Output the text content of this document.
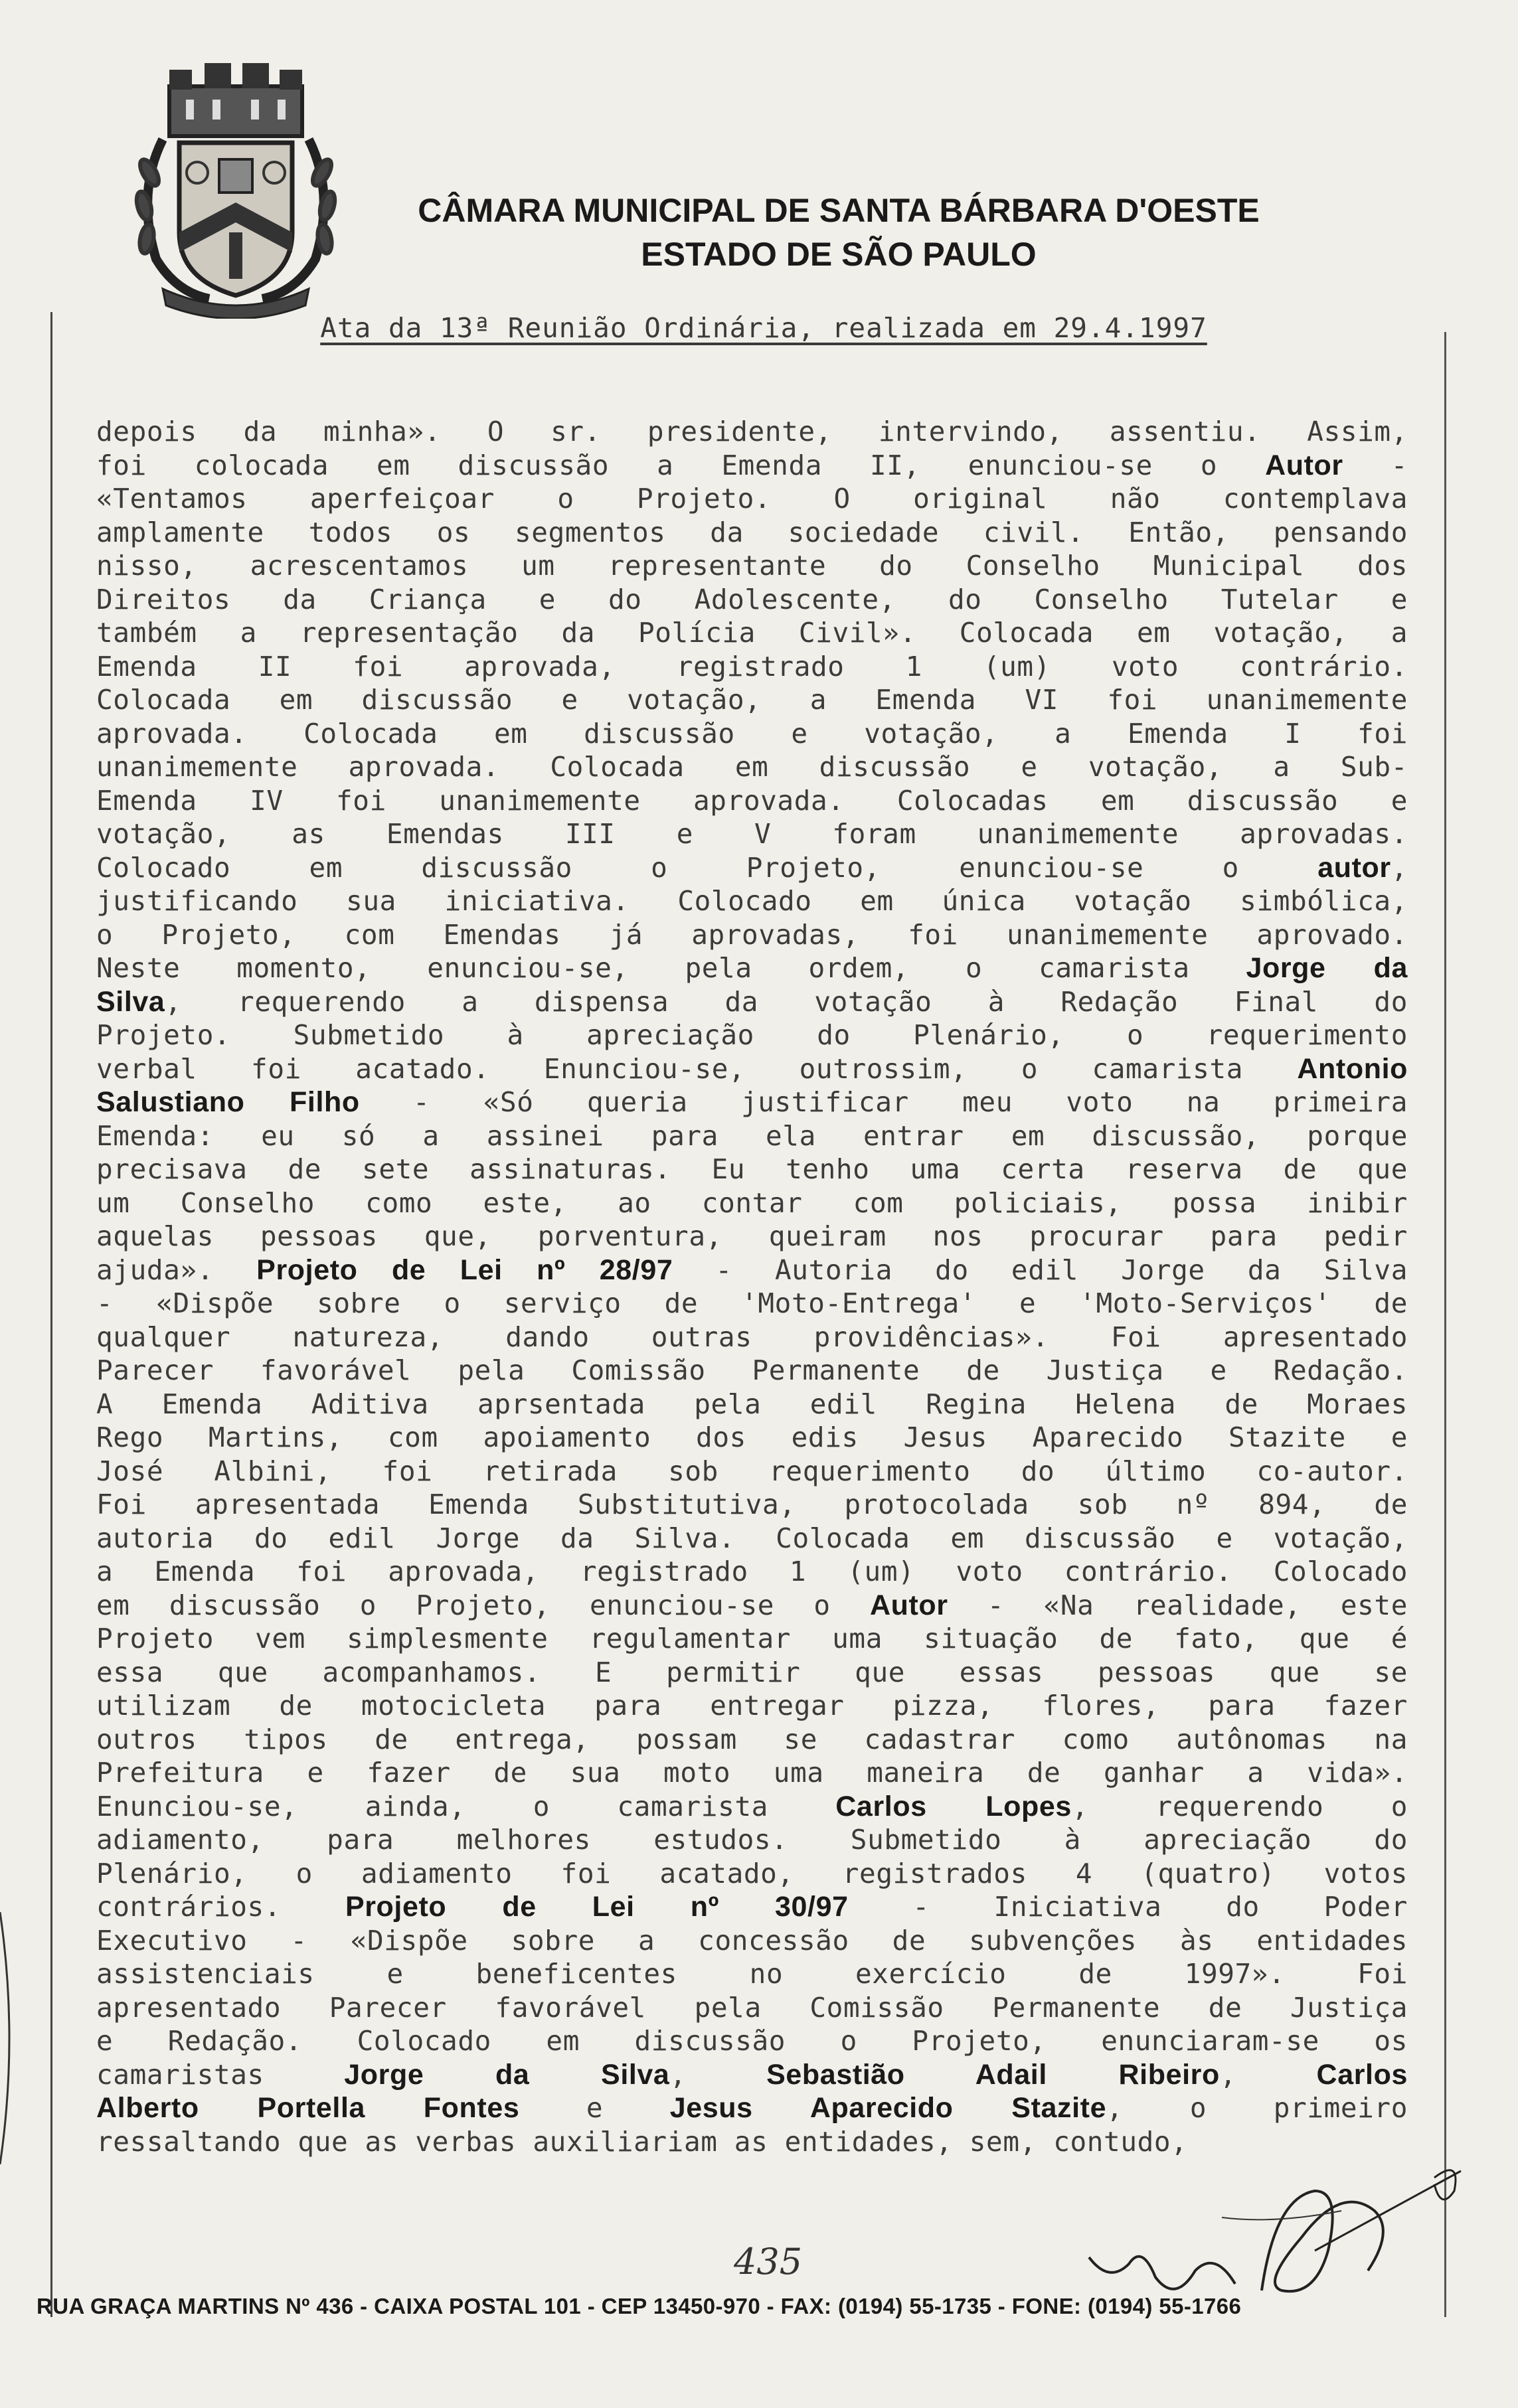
CÂMARA MUNICIPAL DE SANTA BÁRBARA D'OESTE
ESTADO DE SÃO PAULO
Ata da 13ª Reunião Ordinária, realizada em 29.4.1997

depois da minha». O sr. presidente, intervindo, assentiu. Assim,

foi colocada em discussão a Emenda II, enunciou-se o Autor -

«Tentamos aperfeiçoar o Projeto. O original não contemplava

amplamente todos os segmentos da sociedade civil. Então, pensando

nisso, acrescentamos um representante do Conselho Municipal dos

Direitos da Criança e do Adolescente, do Conselho Tutelar e

também a representação da Polícia Civil». Colocada em votação, a

Emenda II foi aprovada, registrado 1 (um) voto contrário.

Colocada em discussão e votação, a Emenda VI foi unanimemente

aprovada. Colocada em discussão e votação, a Emenda I foi

unanimemente aprovada. Colocada em discussão e votação, a Sub-

Emenda IV foi unanimemente aprovada. Colocadas em discussão e

votação, as Emendas III e V foram unanimemente aprovadas.

Colocado em discussão o Projeto, enunciou-se o autor,

justificando sua iniciativa. Colocado em única votação simbólica,

o Projeto, com Emendas já aprovadas, foi unanimemente aprovado.

Neste momento, enunciou-se, pela ordem, o camarista Jorge da

Silva, requerendo a dispensa da votação à Redação Final do

Projeto. Submetido à apreciação do Plenário, o requerimento

verbal foi acatado. Enunciou-se, outrossim, o camarista Antonio

Salustiano Filho - «Só queria justificar meu voto na primeira

Emenda: eu só a assinei para ela entrar em discussão, porque

precisava de sete assinaturas. Eu tenho uma certa reserva de que

um Conselho como este, ao contar com policiais, possa inibir

aquelas pessoas que, porventura, queiram nos procurar para pedir

ajuda». Projeto de Lei nº 28/97 - Autoria do edil Jorge da Silva

- «Dispõe sobre o serviço de 'Moto-Entrega' e 'Moto-Serviços' de

qualquer natureza, dando outras providências». Foi apresentado

Parecer favorável pela Comissão Permanente de Justiça e Redação.

A Emenda Aditiva aprsentada pela edil Regina Helena de Moraes

Rego Martins, com apoiamento dos edis Jesus Aparecido Stazite e

José Albini, foi retirada sob requerimento do último co-autor.

Foi apresentada Emenda Substitutiva, protocolada sob nº 894, de

autoria do edil Jorge da Silva. Colocada em discussão e votação,

a Emenda foi aprovada, registrado 1 (um) voto contrário. Colocado

em discussão o Projeto, enunciou-se o Autor - «Na realidade, este

Projeto vem simplesmente regulamentar uma situação de fato, que é

essa que acompanhamos. E permitir que essas pessoas que se

utilizam de motocicleta para entregar pizza, flores, para fazer

outros tipos de entrega, possam se cadastrar como autônomas na

Prefeitura e fazer de sua moto uma maneira de ganhar a vida».

Enunciou-se, ainda, o camarista Carlos Lopes, requerendo o

adiamento, para melhores estudos. Submetido à apreciação do

Plenário, o adiamento foi acatado, registrados 4 (quatro) votos

contrários. Projeto de Lei nº 30/97 - Iniciativa do Poder

Executivo - «Dispõe sobre a concessão de subvenções às entidades

assistenciais e beneficentes no exercício de 1997». Foi

apresentado Parecer favorável pela Comissão Permanente de Justiça

e Redação. Colocado em discussão o Projeto, enunciaram-se os

camaristas Jorge da Silva, Sebastião Adail Ribeiro, Carlos

Alberto Portella Fontes e Jesus Aparecido Stazite, o primeiro

ressaltando que as verbas auxiliariam as entidades, sem, contudo,

435
RUA GRAÇA MARTINS Nº 436 - CAIXA POSTAL 101 - CEP 13450-970 - FAX: (0194) 55-1735 - FONE: (0194) 55-1766
